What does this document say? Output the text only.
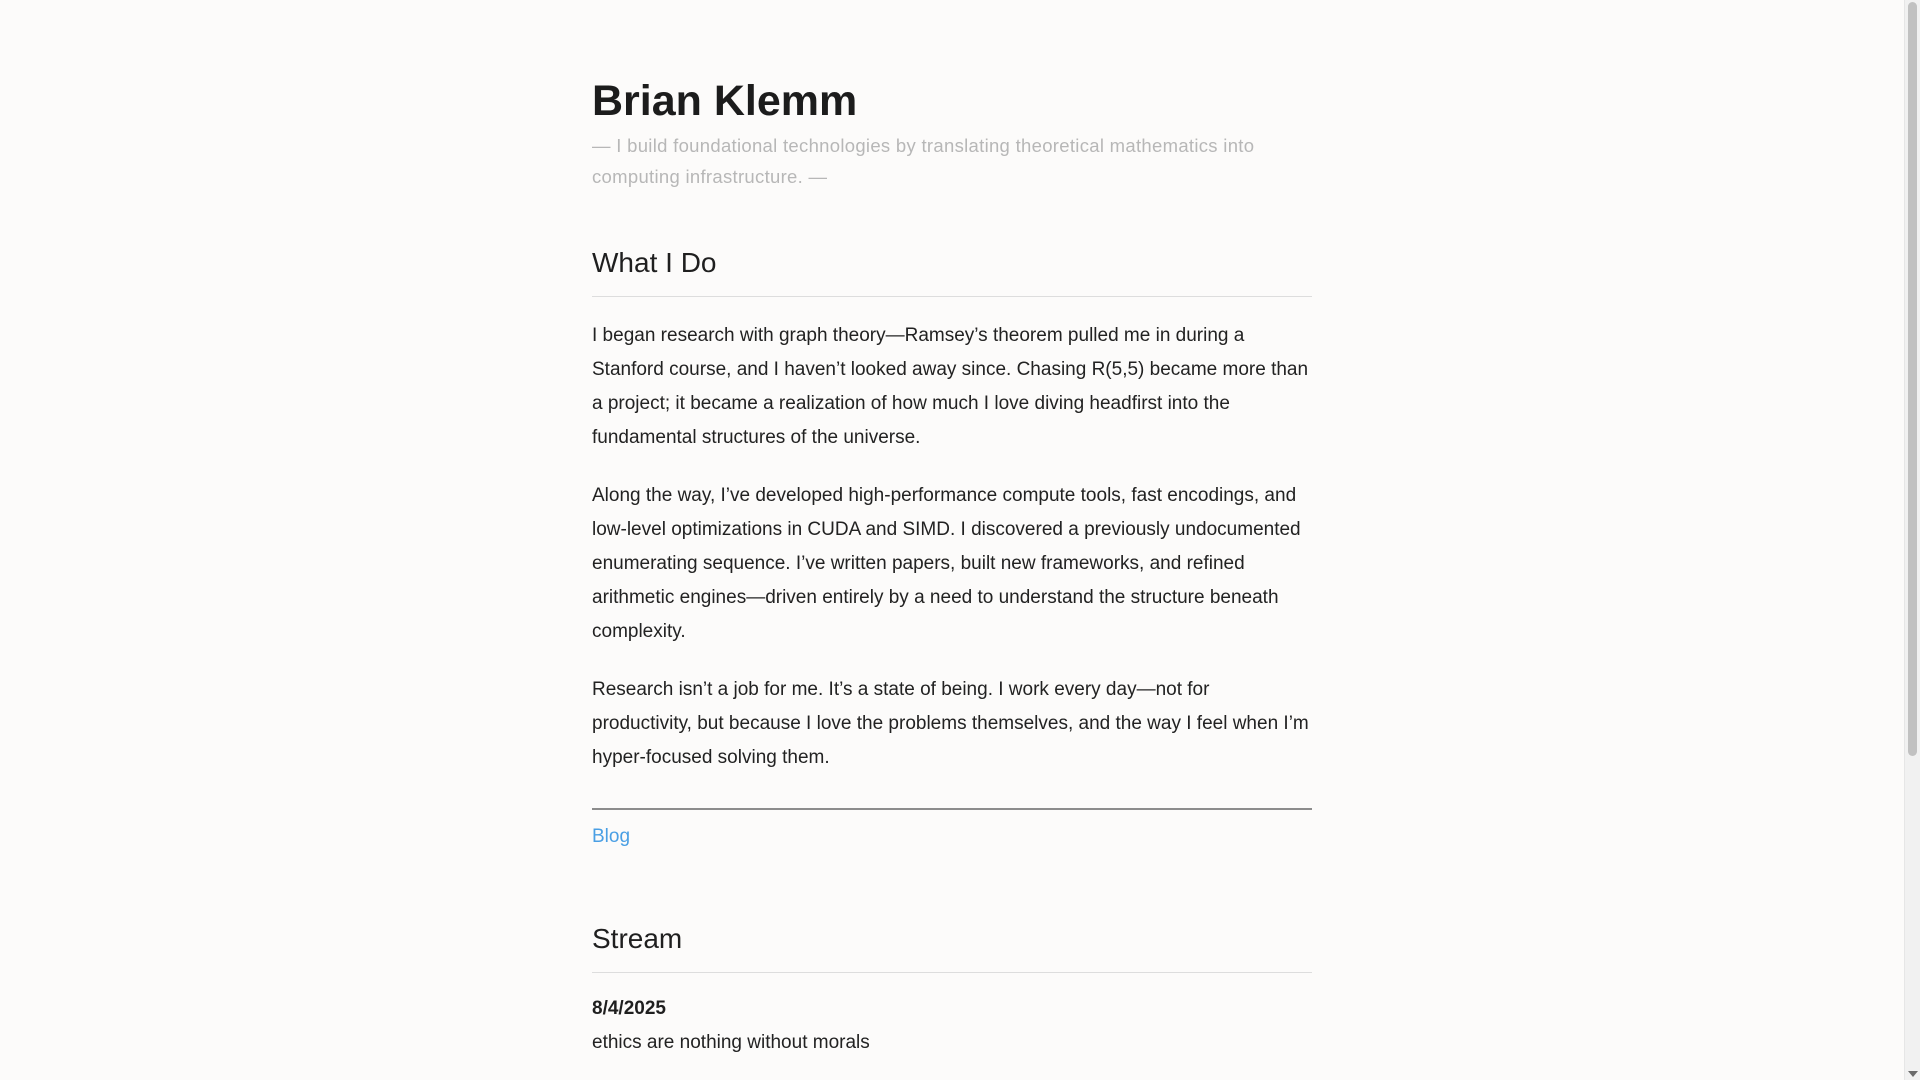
Brian Klemm

— I build foundational technologies by translating theoretical mathematics into computing infrastructure. —

What I Do

I began research with graph theory—Ramsey’s theorem pulled me in during a Stanford course, and I haven’t looked away since. Chasing R(5,5) became more than a project; it became a realization of how much I love diving headfirst into the fundamental structures of the universe.

Along the way, I’ve developed high-performance compute tools, fast encodings, and low-level optimizations in CUDA and SIMD. I discovered a previously undocumented enumerating sequence. I’ve written papers, built new frameworks, and refined arithmetic engines—driven entirely by a need to understand the structure beneath complexity.

Research isn’t a job for me. It’s a state of being. I work every day—not for productivity, but because I love the problems themselves, and the way I feel when I’m hyper-focused solving them.

Blog
Stream
8/4/2025
ethics are nothing without morals
